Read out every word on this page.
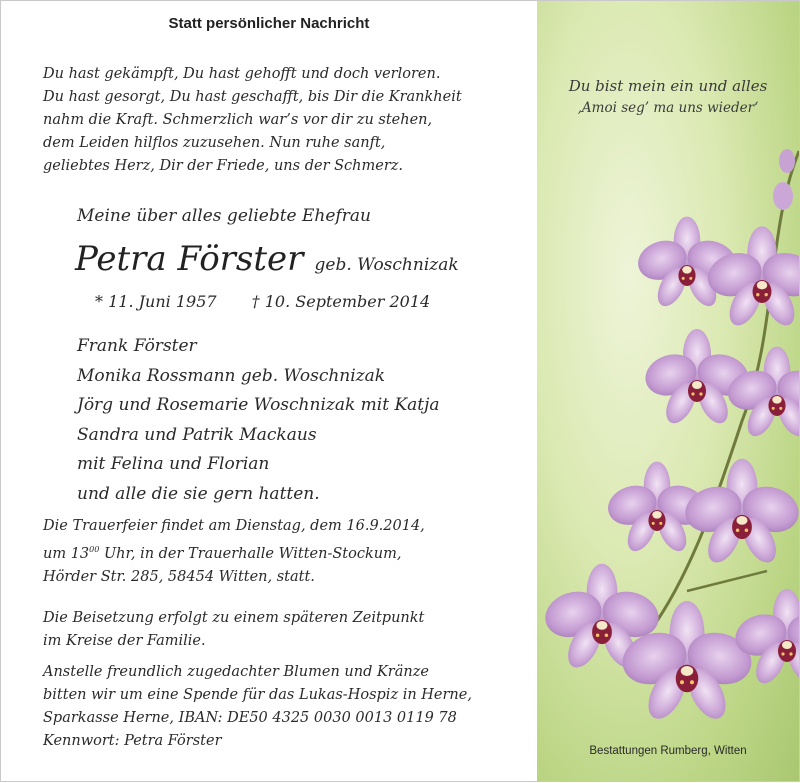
Statt persönlicher Nachricht
Du hast gekämpft, Du hast gehofft und doch verloren.
Du hast gesorgt, Du hast geschafft, bis Dir die Krankheit
nahm die Kraft. Schmerzlich war’s vor dir zu stehen,
dem Leiden hilflos zuzusehen. Nun ruhe sanft,
geliebtes Herz, Dir der Friede, uns der Schmerz.
Meine über alles geliebte Ehefrau
Petra Förster geb. Woschnizak
* 11. Juni 1957 † 10. September 2014
Frank Förster
Monika Rossmann geb. Woschnizak
Jörg und Rosemarie Woschnizak mit Katja
Sandra und Patrik Mackaus
mit Felina und Florian
und alle die sie gern hatten.
Die Trauerfeier findet am Dienstag, dem 16.9.2014,
um $13^{00}$ Uhr, in der Trauerhalle Witten-Stockum,
Hörder Str. 285, 58454 Witten, statt.
Die Beisetzung erfolgt zu einem späteren Zeitpunkt
im Kreise der Familie.
Anstelle freundlich zugedachter Blumen und Kränze
bitten wir um eine Spende für das Lukas-Hospiz in Herne,
Sparkasse Herne, IBAN: DE50 4325 0030 0013 0119 78
Kennwort: Petra Förster
Du bist mein ein und alles
‚Amoi seg’ ma uns wieder‘
Bestattungen Rumberg, Witten
